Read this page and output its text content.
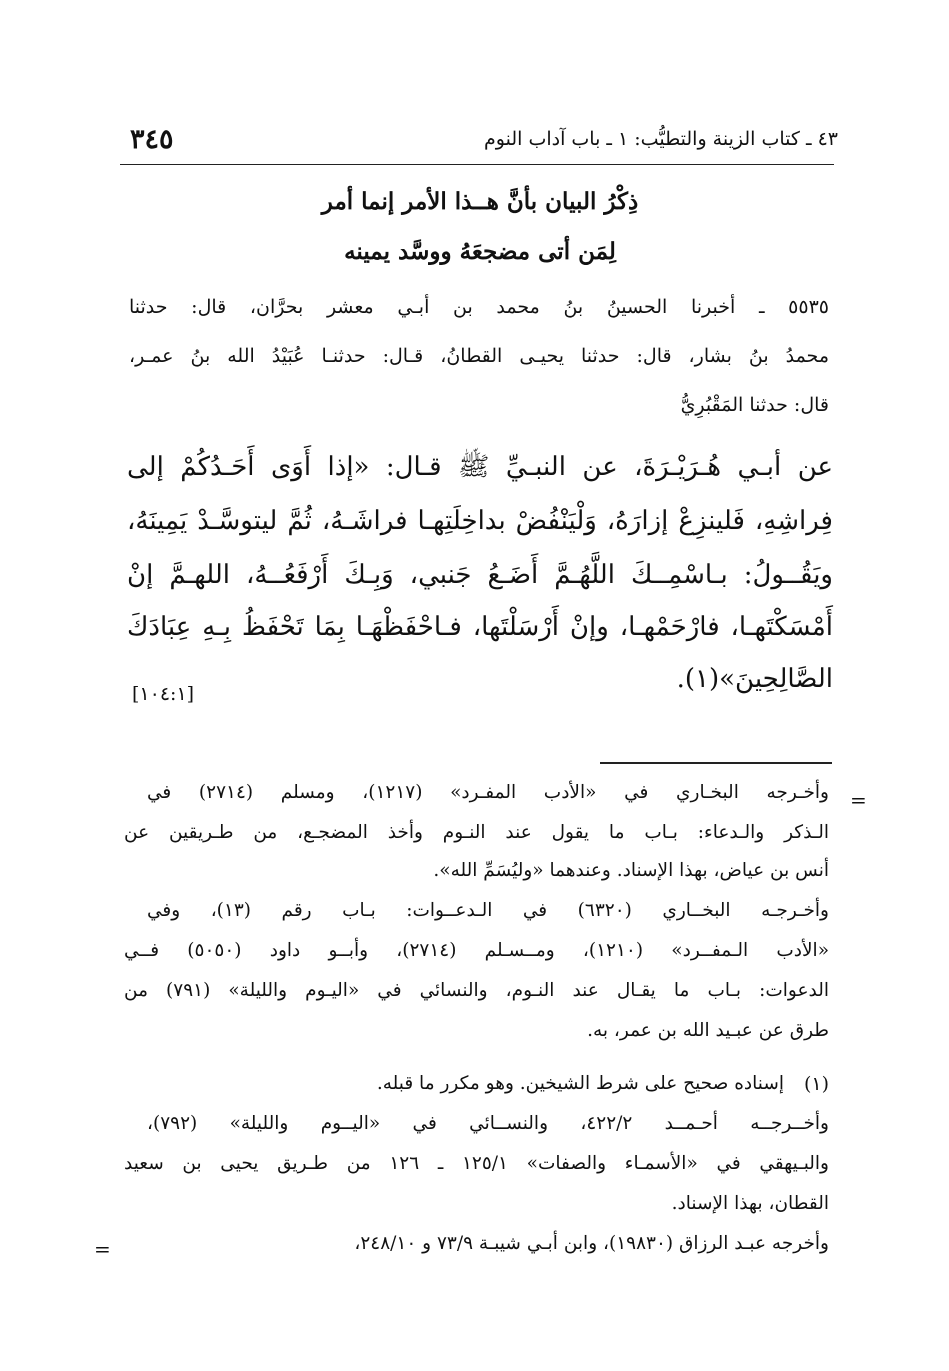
٣٤٥	٤٣ ـ كتاب الزينة والتطيُّب: ١ ـ باب آداب النوم
ذِكْرُ البيان بأنَّ هــذا الأمر إنما أمر
لِمَن أتى مضجعَهُ ووسَّد يمينه
٥٥٣٥ ـ أخبرنا الحسينُ بنُ محمد بن أبـي معشر بحرَّان، قال: حدثنا
محمدُ بنُ بشار، قال: حدثنا يحيـى القطانُ، قـال: حدثنـا عُبَيْدُ الله بنُ عمـر،
قال: حدثنا المَقْبُرِيُّ
عن أبـي هُـرَيْـرَةَ، عن النبـيِّ ﷺ قـال: «إذا أَوَى أَحَـدُكُمْ إلى
فِراشِهِ، فَلينزِعْ إزارَهُ، وَلْيَنْفُضْ بداخِلَتِهـا فراشَـهُ، ثُمَّ ليتوسَّـدْ يَمِينَهُ،
ويَقُــولُ: بـاسْمِــكَ اللَّهُـمَّ أَضَـعُ جَنبي، وَبِـكَ أَرْفَعُــهُ، اللهـمَّ إنْ
أَمْسَكْتَهـا، فارْحَمْهـا، وإنْ أَرْسَلْتَها، فـاحْفَظْهَـا بِمَا تَحْفَظُ بِـهِ عِبَادَكَ
الصَّالِحِينَ»(١).
[١٠٤:١]
=
وأخـرجه البخـاري في «الأدب المفـرد» (١٢١٧)، ومسلم (٢٧١٤) في
الـذكر والـدعاء: بـاب ما يقول عند النـوم وأخذ المضجـع، من طـريقين عن
أنس بن عياض، بهذا الإسناد. وعندهما «وليُسَمِّ الله».
وأخـرجـه البخــاري (٦٣٢٠) في الـدعــوات: بـاب رقم (١٣)، وفي
«الأدب الـمفــرد» (١٢١٠)، ومــسـلم (٢٧١٤)، وأبــو داود (٥٠٥٠) فــي
الدعوات: بـاب ما يقـال عند النـوم، والنسائي في «اليـوم والليلة» (٧٩١) من
طرق عن عبـيد الله بن عمر، به.
(١)
إسناده صحيح على شرط الشيخين. وهو مكرر ما قبله.
وأخــرجــه أحـمــد ٤٢٢/٢، والنســائي في «اليــوم والليلة» (٧٩٢)،
والبـيهقي في «الأسمـاء والصفات» ١٢٥/١ ـ ١٢٦ من طـريق يحيى بن سعيد
القطان، بهذا الإسناد.
وأخرجه عبـد الرزاق (١٩٨٣٠)، وابن أبـي شيبـة ٧٣/٩ و ٢٤٨/١٠،
=
